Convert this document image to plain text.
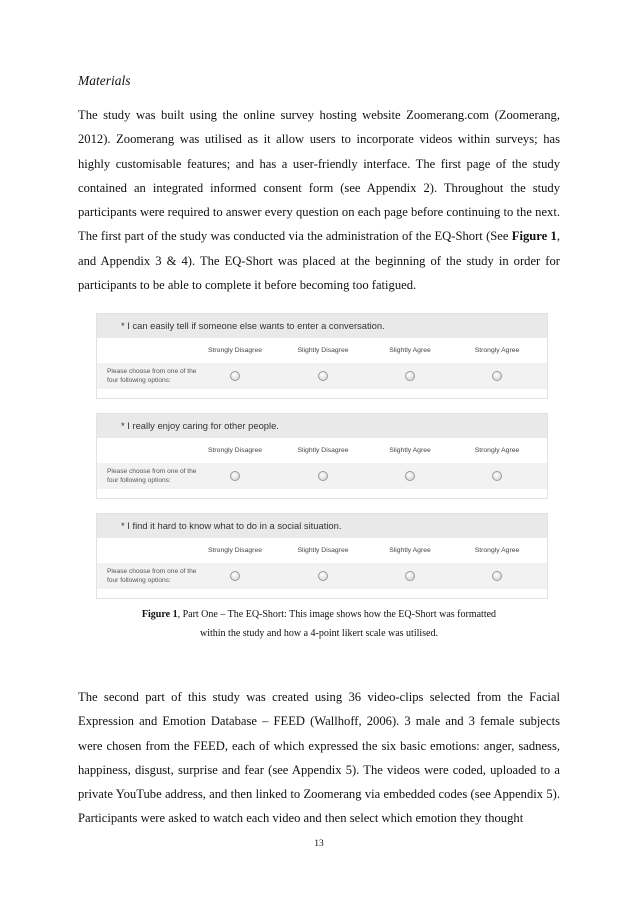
Materials

The study was built using the online survey hosting website Zoomerang.com (Zoomerang, 2012). Zoomerang was utilised as it allow users to incorporate videos within surveys; has highly customisable features; and has a user-friendly interface. The first page of the study contained an integrated informed consent form (see Appendix 2). Throughout the study participants were required to answer every question on each page before continuing to the next. The first part of the study was conducted via the administration of the EQ-Short (See Figure 1, and Appendix 3 & 4). The EQ-Short was placed at the beginning of the study in order for participants to be able to complete it before becoming too fatigued.

* I can easily tell if someone else wants to enter a conversation.
Strongly Disagree	Slightly Disagree	Slightly Agree	Strongly Agree
Please choose from one of the four following options:
* I really enjoy caring for other people.
Strongly Disagree	Slightly Disagree	Slightly Agree	Strongly Agree
Please choose from one of the four following options:
* I find it hard to know what to do in a social situation.
Strongly Disagree	Slightly Disagree	Slightly Agree	Strongly Agree
Please choose from one of the four following options:
Figure 1, Part One – The EQ-Short: This image shows how the EQ-Short was formatted within the study and how a 4-point likert scale was utilised.

The second part of this study was created using 36 video-clips selected from the Facial Expression and Emotion Database – FEED (Wallhoff, 2006). 3 male and 3 female subjects were chosen from the FEED, each of which expressed the six basic emotions: anger, sadness, happiness, disgust, surprise and fear (see Appendix 5). The videos were coded, uploaded to a private YouTube address, and then linked to Zoomerang via embedded codes (see Appendix 5). Participants were asked to watch each video and then select which emotion they thought

13
